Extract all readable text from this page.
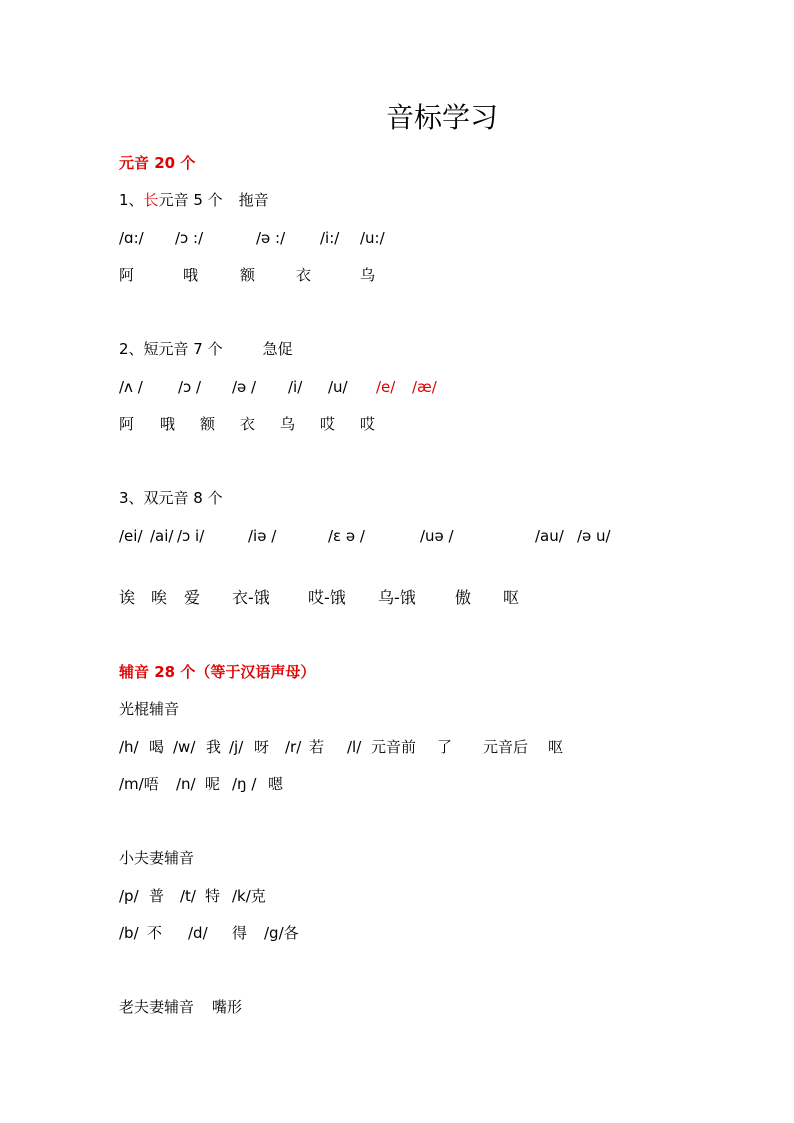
音标学习
元音 20 个
1、长元音 5 个 拖音
/ɑ:/ /ɔ :/	/ə :/ /i:/ /u:/
阿	哦	额	衣	乌
2、短元音 7 个	急促
/ʌ / /ɔ / /ə / /i/ /u/ /e/ /æ/
阿 哦 额 衣 乌 哎 哎
3、双元音 8 个
/ei/ /ai/ /ɔ i/	/iə /	/ɛ ə /	/uə /	/au/ /ə u/
诶 唉 爱 衣-饿 哎-饿 乌-饿 傲 呕
辅音 28 个（等于汉语声母）
光棍辅音
/h/ 喝 /w/ 我 /j/ 呀 /r/ 若 /l/ 元音前 了 元音后 呕
/m/唔 /n/ 呢 /ŋ / 嗯
小夫妻辅音
/p/ 普 /t/ 特 /k/克
/b/ 不 /d/ 得 /g/各
老夫妻辅音 嘴形
